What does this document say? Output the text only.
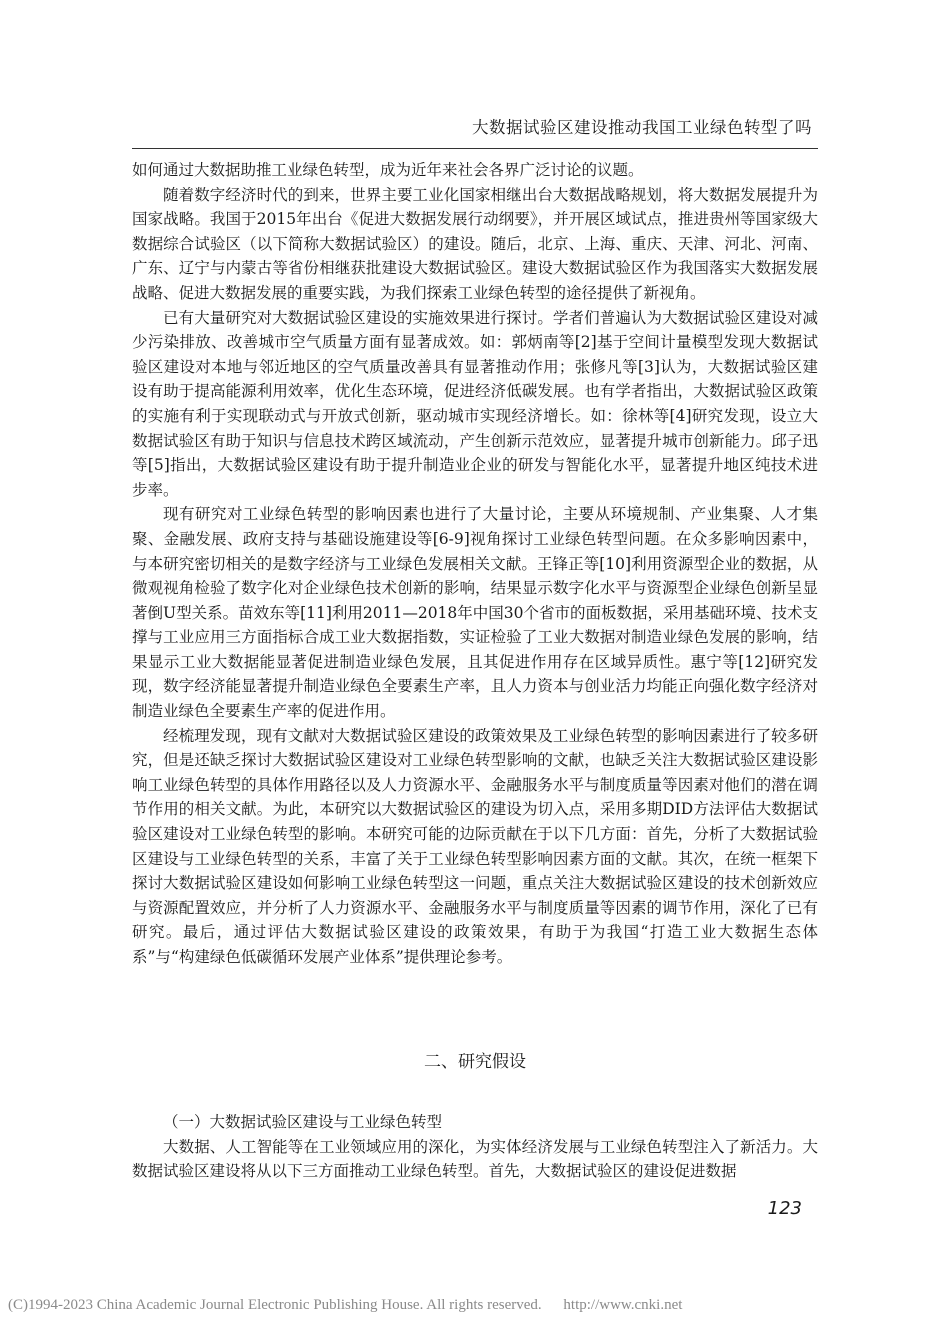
大数据试验区建设推动我国工业绿色转型了吗

如何通过大数据助推工业绿色转型，成为近年来社会各界广泛讨论的议题。

随着数字经济时代的到来，世界主要工业化国家相继出台大数据战略规划，将大数据发展提升为国家战略。我国于2015年出台《促进大数据发展行动纲要》，并开展区域试点，推进贵州等国家级大数据综合试验区（以下简称大数据试验区）的建设。随后，北京、上海、重庆、天津、河北、河南、广东、辽宁与内蒙古等省份相继获批建设大数据试验区。建设大数据试验区作为我国落实大数据发展战略、促进大数据发展的重要实践，为我们探索工业绿色转型的途径提供了新视角。

已有大量研究对大数据试验区建设的实施效果进行探讨。学者们普遍认为大数据试验区建设对减少污染排放、改善城市空气质量方面有显著成效。如：郭炳南等[2]基于空间计量模型发现大数据试验区建设对本地与邻近地区的空气质量改善具有显著推动作用；张修凡等[3]认为，大数据试验区建设有助于提高能源利用效率，优化生态环境，促进经济低碳发展。也有学者指出，大数据试验区政策的实施有利于实现联动式与开放式创新，驱动城市实现经济增长。如：徐林等[4]研究发现，设立大数据试验区有助于知识与信息技术跨区域流动，产生创新示范效应，显著提升城市创新能力。邱子迅等[5]指出，大数据试验区建设有助于提升制造业企业的研发与智能化水平，显著提升地区纯技术进步率。

现有研究对工业绿色转型的影响因素也进行了大量讨论，主要从环境规制、产业集聚、人才集聚、金融发展、政府支持与基础设施建设等[6-9]视角探讨工业绿色转型问题。在众多影响因素中，与本研究密切相关的是数字经济与工业绿色发展相关文献。王锋正等[10]利用资源型企业的数据，从微观视角检验了数字化对企业绿色技术创新的影响，结果显示数字化水平与资源型企业绿色创新呈显著倒U型关系。苗效东等[11]利用2011—2018年中国30个省市的面板数据，采用基础环境、技术支撑与工业应用三方面指标合成工业大数据指数，实证检验了工业大数据对制造业绿色发展的影响，结果显示工业大数据能显著促进制造业绿色发展，且其促进作用存在区域异质性。惠宁等[12]研究发现，数字经济能显著提升制造业绿色全要素生产率，且人力资本与创业活力均能正向强化数字经济对制造业绿色全要素生产率的促进作用。

经梳理发现，现有文献对大数据试验区建设的政策效果及工业绿色转型的影响因素进行了较多研究，但是还缺乏探讨大数据试验区建设对工业绿色转型影响的文献，也缺乏关注大数据试验区建设影响工业绿色转型的具体作用路径以及人力资源水平、金融服务水平与制度质量等因素对他们的潜在调节作用的相关文献。为此，本研究以大数据试验区的建设为切入点，采用多期DID方法评估大数据试验区建设对工业绿色转型的影响。本研究可能的边际贡献在于以下几方面：首先，分析了大数据试验区建设与工业绿色转型的关系，丰富了关于工业绿色转型影响因素方面的文献。其次，在统一框架下探讨大数据试验区建设如何影响工业绿色转型这一问题，重点关注大数据试验区建设的技术创新效应与资源配置效应，并分析了人力资源水平、金融服务水平与制度质量等因素的调节作用，深化了已有研究。最后，通过评估大数据试验区建设的政策效果，有助于为我国“打造工业大数据生态体系”与“构建绿色低碳循环发展产业体系”提供理论参考。

二、研究假设

（一）大数据试验区建设与工业绿色转型

大数据、人工智能等在工业领域应用的深化，为实体经济发展与工业绿色转型注入了新活力。大数据试验区建设将从以下三方面推动工业绿色转型。首先，大数据试验区的建设促进数据

123
(C)1994-2023 China Academic Journal Electronic Publishing House. All rights reserved. http://www.cnki.net
